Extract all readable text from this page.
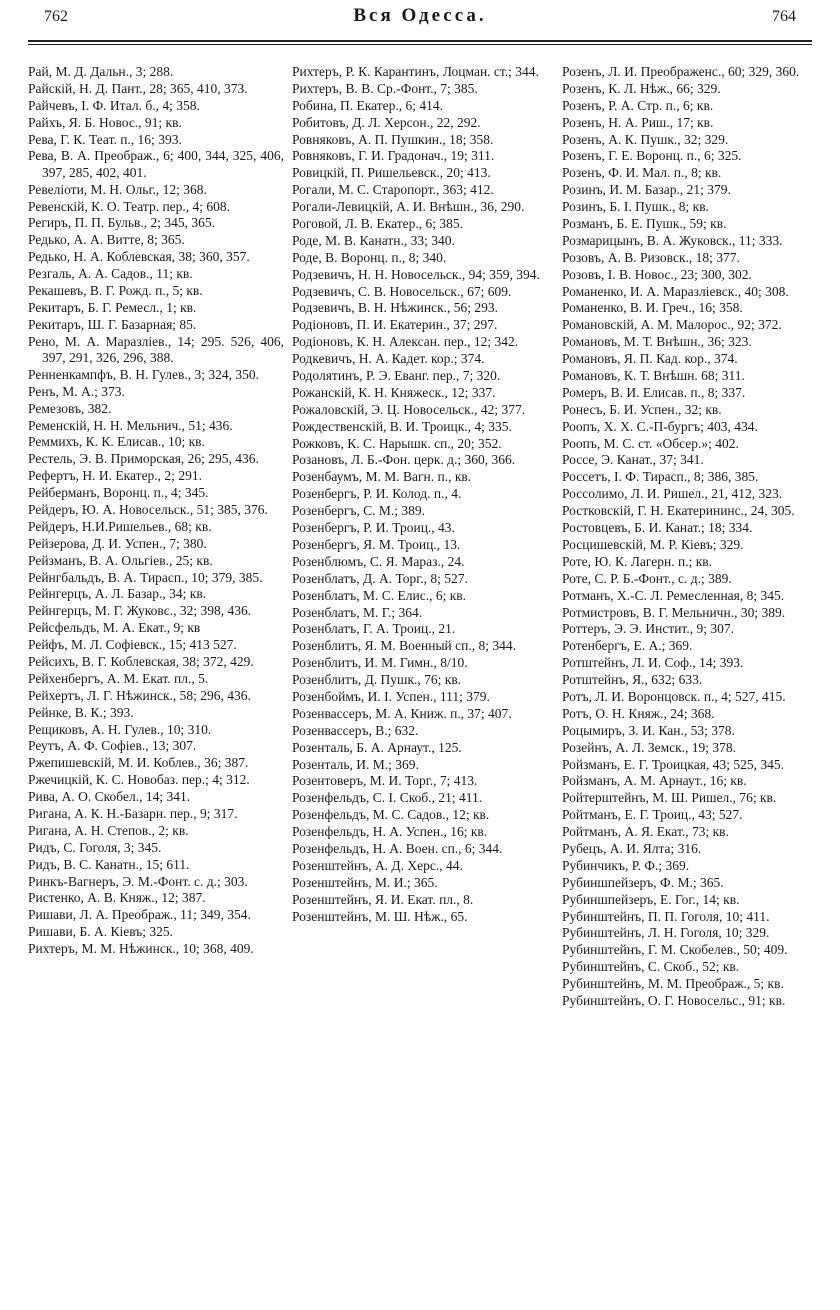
762	Вся Одесса.	764
Рай, М. Д. Дальн., 3; 288.
Райскій, Н. Д. Пант., 28; 365, 410, 373.
Райчевъ, I. Ф. Итал. б., 4; 358.
Райхъ, Я. Б. Новос., 91; кв.
Рева, Г. К. Теат. п., 16; 393.
Рева, В. А. Преображ., 6; 400, 344, 325, 406, 397, 285, 402, 401.
Ревеліоти, М. Н. Ольг., 12; 368.
Ревенскій, К. О. Театр. пер., 4; 608.
Региръ, П. П. Бульв., 2; 345, 365.
Редько, А. А. Витте, 8; 365.
Редько, Н. А. Коблевская, 38; 360, 357.
Резгаль, А. А. Садов., 11; кв.
Рекашевъ, В. Г. Рожд. п., 5; кв.
Рекитаръ, Б. Г. Ремесл., 1; кв.
Рекитаръ, Ш. Г. Базарная; 85.
Рено, М. А. Маразліев., 14; 295. 526, 406, 397, 291, 326, 296, 388.
Ренненкампфъ, В. Н. Гулев., 3; 324, 350.
Ренъ, М. А.; 373.
Ремезовъ, 382.
Ременскій, Н. Н. Мельнич., 51; 436.
Реммихъ, К. К. Елисав., 10; кв.
Рестель, Э. В. Приморская, 26; 295, 436.
Рефертъ, Н. И. Екатер., 2; 291.
Рейберманъ, Воронц. п., 4; 345.
Рейдеръ, Ю. А. Новосельск., 51; 385, 376.
Рейдеръ, Н.И.Ришельев., 68; кв.
Рейзерова, Д. И. Успен., 7; 380.
Рейзманъ, В. А. Ольгіев., 25; кв.
Рейнгбальдъ, В. А. Тирасп., 10; 379, 385.
Рейнгерцъ, А. Л. Базар., 34; кв.
Рейнгерцъ, М. Г. Жуковс., 32; 398, 436.
Рейсфельдъ, М. А. Екат., 9; кв
Рейфъ, М. Л. Софіевск., 15; 413 527.
Рейсихъ, В. Г. Коблевская, 38; 372, 429.
Рейхенбергъ, А. М. Екат. пл., 5.
Рейхертъ, Л. Г. Нѣжинск., 58; 296, 436.
Рейнке, В. К.; 393.
Рещиковъ, А. Н. Гулев., 10; 310.
Реутъ, А. Ф. Софіев., 13; 307.
Ржепишевскій, М. И. Коблев., 36; 387.
Ржечицкій, К. С. Новобаз. пер.; 4; 312.
Рива, А. О. Скобел., 14; 341.
Ригана, А. К. Н.-Базарн. пер., 9; 317.
Ригана, А. Н. Степов., 2; кв.
Ридъ, С. Гоголя, 3; 345.
Ридъ, В. С. Канатн., 15; 611.
Ринкъ-Вагнеръ, Э. М.-Фонт. с. д.; 303.
Ристенко, А. В. Княж., 12; 387.
Ришави, Л. А. Преображ., 11; 349, 354.
Ришави, Б. А. Кіевъ; 325.
Рихтеръ, М. М. Нѣжинск., 10; 368, 409.
Рихтеръ, Р. К. Карантинъ, Лоцман. ст.; 344.
Рихтеръ, В. В. Ср.-Фонт., 7; 385.
Робина, П. Екатер., 6; 414.
Робитовъ, Д. Л. Херсон., 22, 292.
Ровняковъ, А. П. Пушкин., 18; 358.
Ровняковъ, Г. И. Градонач., 19; 311.
Ровицкій, П. Ришельевск., 20; 413.
Рогали, М. С. Старопорт., 363; 412.
Рогали-Левицкій, А. И. Внѣшн., 36, 290.
Роговой, Л. В. Екатер., 6; 385.
Роде, М. В. Канатн., 33; 340.
Роде, В. Воронц. п., 8; 340.
Родзевичъ, Н. Н. Новосельск., 94; 359, 394.
Родзевичъ, С. В. Новосельск., 67; 609.
Родзевичъ, В. Н. Нѣжинск., 56; 293.
Родіоновъ, П. И. Екатерин., 37; 297.
Родіоновъ, К. Н. Алексан. пер., 12; 342.
Родкевичъ, Н. А. Кадет. кор.; 374.
Родолятинъ, Р. Э. Еванг. пер., 7; 320.
Рожанскій, К. Н. Княжеск., 12; 337.
Рожаловскій, Э. Ц. Новосельск., 42; 377.
Рождественскій, В. И. Троицк., 4; 335.
Рожковъ, К. С. Нарышк. сп., 20; 352.
Розановъ, Л. Б.-Фон. церк. д.; 360, 366.
Розенбаумъ, М. М. Вагн. п., кв.
Розенбергъ, Р. И. Колод. п., 4.
Розенбергъ, С. М.; 389.
Розенбергъ, Р. И. Троиц., 43.
Розенбергъ, Я. М. Троиц., 13.
Розенблюмъ, С. Я. Мараз., 24.
Розенблатъ, Д. А. Торг., 8; 527.
Розенблатъ, М. С. Елис., 6; кв.
Розенблатъ, М. Г.; 364.
Розенблатъ, Г. А. Троиц., 21.
Розенблитъ, Я. М. Военный сп., 8; 344.
Розенблитъ, И. М. Гимн., 8/10.
Розенблитъ, Д. Пушк., 76; кв.
Розенбоймъ, И. I. Успен., 111; 379.
Розенвассеръ, М. А. Книж. п., 37; 407.
Розенвассеръ, В.; 632.
Розенталь, Б. А. Арнаут., 125.
Розенталь, И. М.; 369.
Розентоверъ, М. И. Торг., 7; 413.
Розенфельдъ, С. I. Скоб., 21; 411.
Розенфельдъ, М. С. Садов., 12; кв.
Розенфельдъ, Н. А. Успен., 16; кв.
Розенфельдъ, Н. А. Воен. сп., 6; 344.
Розенштейнъ, А. Д. Херс., 44.
Розенштейнъ, М. И.; 365.
Розенштейнъ, Я. И. Екат. пл., 8.
Розенштейнъ, М. Ш. Нѣж., 65.
Розенъ, Л. И. Преображенс., 60; 329, 360.
Розенъ, К. Л. Нѣж., 66; 329.
Розенъ, Р. А. Стр. п., 6; кв.
Розенъ, Н. А. Риш., 17; кв.
Розенъ, А. К. Пушк., 32; 329.
Розенъ, Г. Е. Воронц. п., 6; 325.
Розенъ, Ф. И. Мал. п., 8; кв.
Розинъ, И. М. Базар., 21; 379.
Розинъ, Б. I. Пушк., 8; кв.
Розманъ, Б. Е. Пушк., 59; кв.
Розмарицынъ, В. А. Жуковск., 11; 333.
Розовъ, А. В. Ризовск., 18; 377.
Розовъ, I. В. Новос., 23; 300, 302.
Романенко, И. А. Маразліевск., 40; 308.
Романенко, В. И. Греч., 16; 358.
Романовскій, А. М. Малорос., 92; 372.
Романовъ, М. Т. Внѣшн., 36; 323.
Романовъ, Я. П. Кад. кор., 374.
Романовъ, К. Т. Внѣшн. 68; 311.
Ромеръ, В. И. Елисав. п., 8; 337.
Ронесъ, Б. И. Успен., 32; кв.
Роопъ, Х. Х. С.-П-бургъ; 403, 434.
Роопъ, М. С. ст. «Обсер.»; 402.
Россе, Э. Канат., 37; 341.
Россетъ, I. Ф. Тирасп., 8; 386, 385.
Россолимо, Л. И. Ришел., 21, 412, 323.
Ростковскій, Г. Н. Екатерининс., 24, 305.
Ростовцевъ, Б. И. Канат.; 18; 334.
Росцишевскій, М. Р. Кіевъ; 329.
Роте, Ю. К. Лагерн. п.; кв.
Роте, С. Р. Б.-Фонт., с. д.; 389.
Ротманъ, Х.-С. Л. Ремесленная, 8; 345.
Ротмистровъ, В. Г. Мельничн., 30; 389.
Роттеръ, Э. Э. Инстит., 9; 307.
Ротенбергъ, Е. А.; 369.
Ротштейнъ, Л. И. Соф., 14; 393.
Ротштейнъ, Я., 632; 633.
Ротъ, Л. И. Воронцовск. п., 4; 527, 415.
Ротъ, О. Н. Княж., 24; 368.
Роцымиръ, З. И. Кан., 53; 378.
Розейнъ, А. Л. Земск., 19; 378.
Ройзманъ, Е. Г. Троицкая, 43; 525, 345.
Ройзманъ, А. М. Арнаут., 16; кв.
Ройтерштейнъ, М. Ш. Ришел., 76; кв.
Ройтманъ, Е. Г. Троиц., 43; 527.
Ройтманъ, А. Я. Екат., 73; кв.
Рубецъ, А. И. Ялта; 316.
Рубинчикъ, Р. Ф.; 369.
Рубиншпейзеръ, Ф. М.; 365.
Рубиншпейзеръ, Е. Гог., 14; кв.
Рубинштейнъ, П. П. Гоголя, 10; 411.
Рубинштейнъ, Л. Н. Гоголя, 10; 329.
Рубинштейнъ, Г. М. Скобелев., 50; 409.
Рубинштейнъ, С. Скоб., 52; кв.
Рубинштейнъ, М. М. Преображ., 5; кв.
Рубинштейнъ, О. Г. Новосельс., 91; кв.
